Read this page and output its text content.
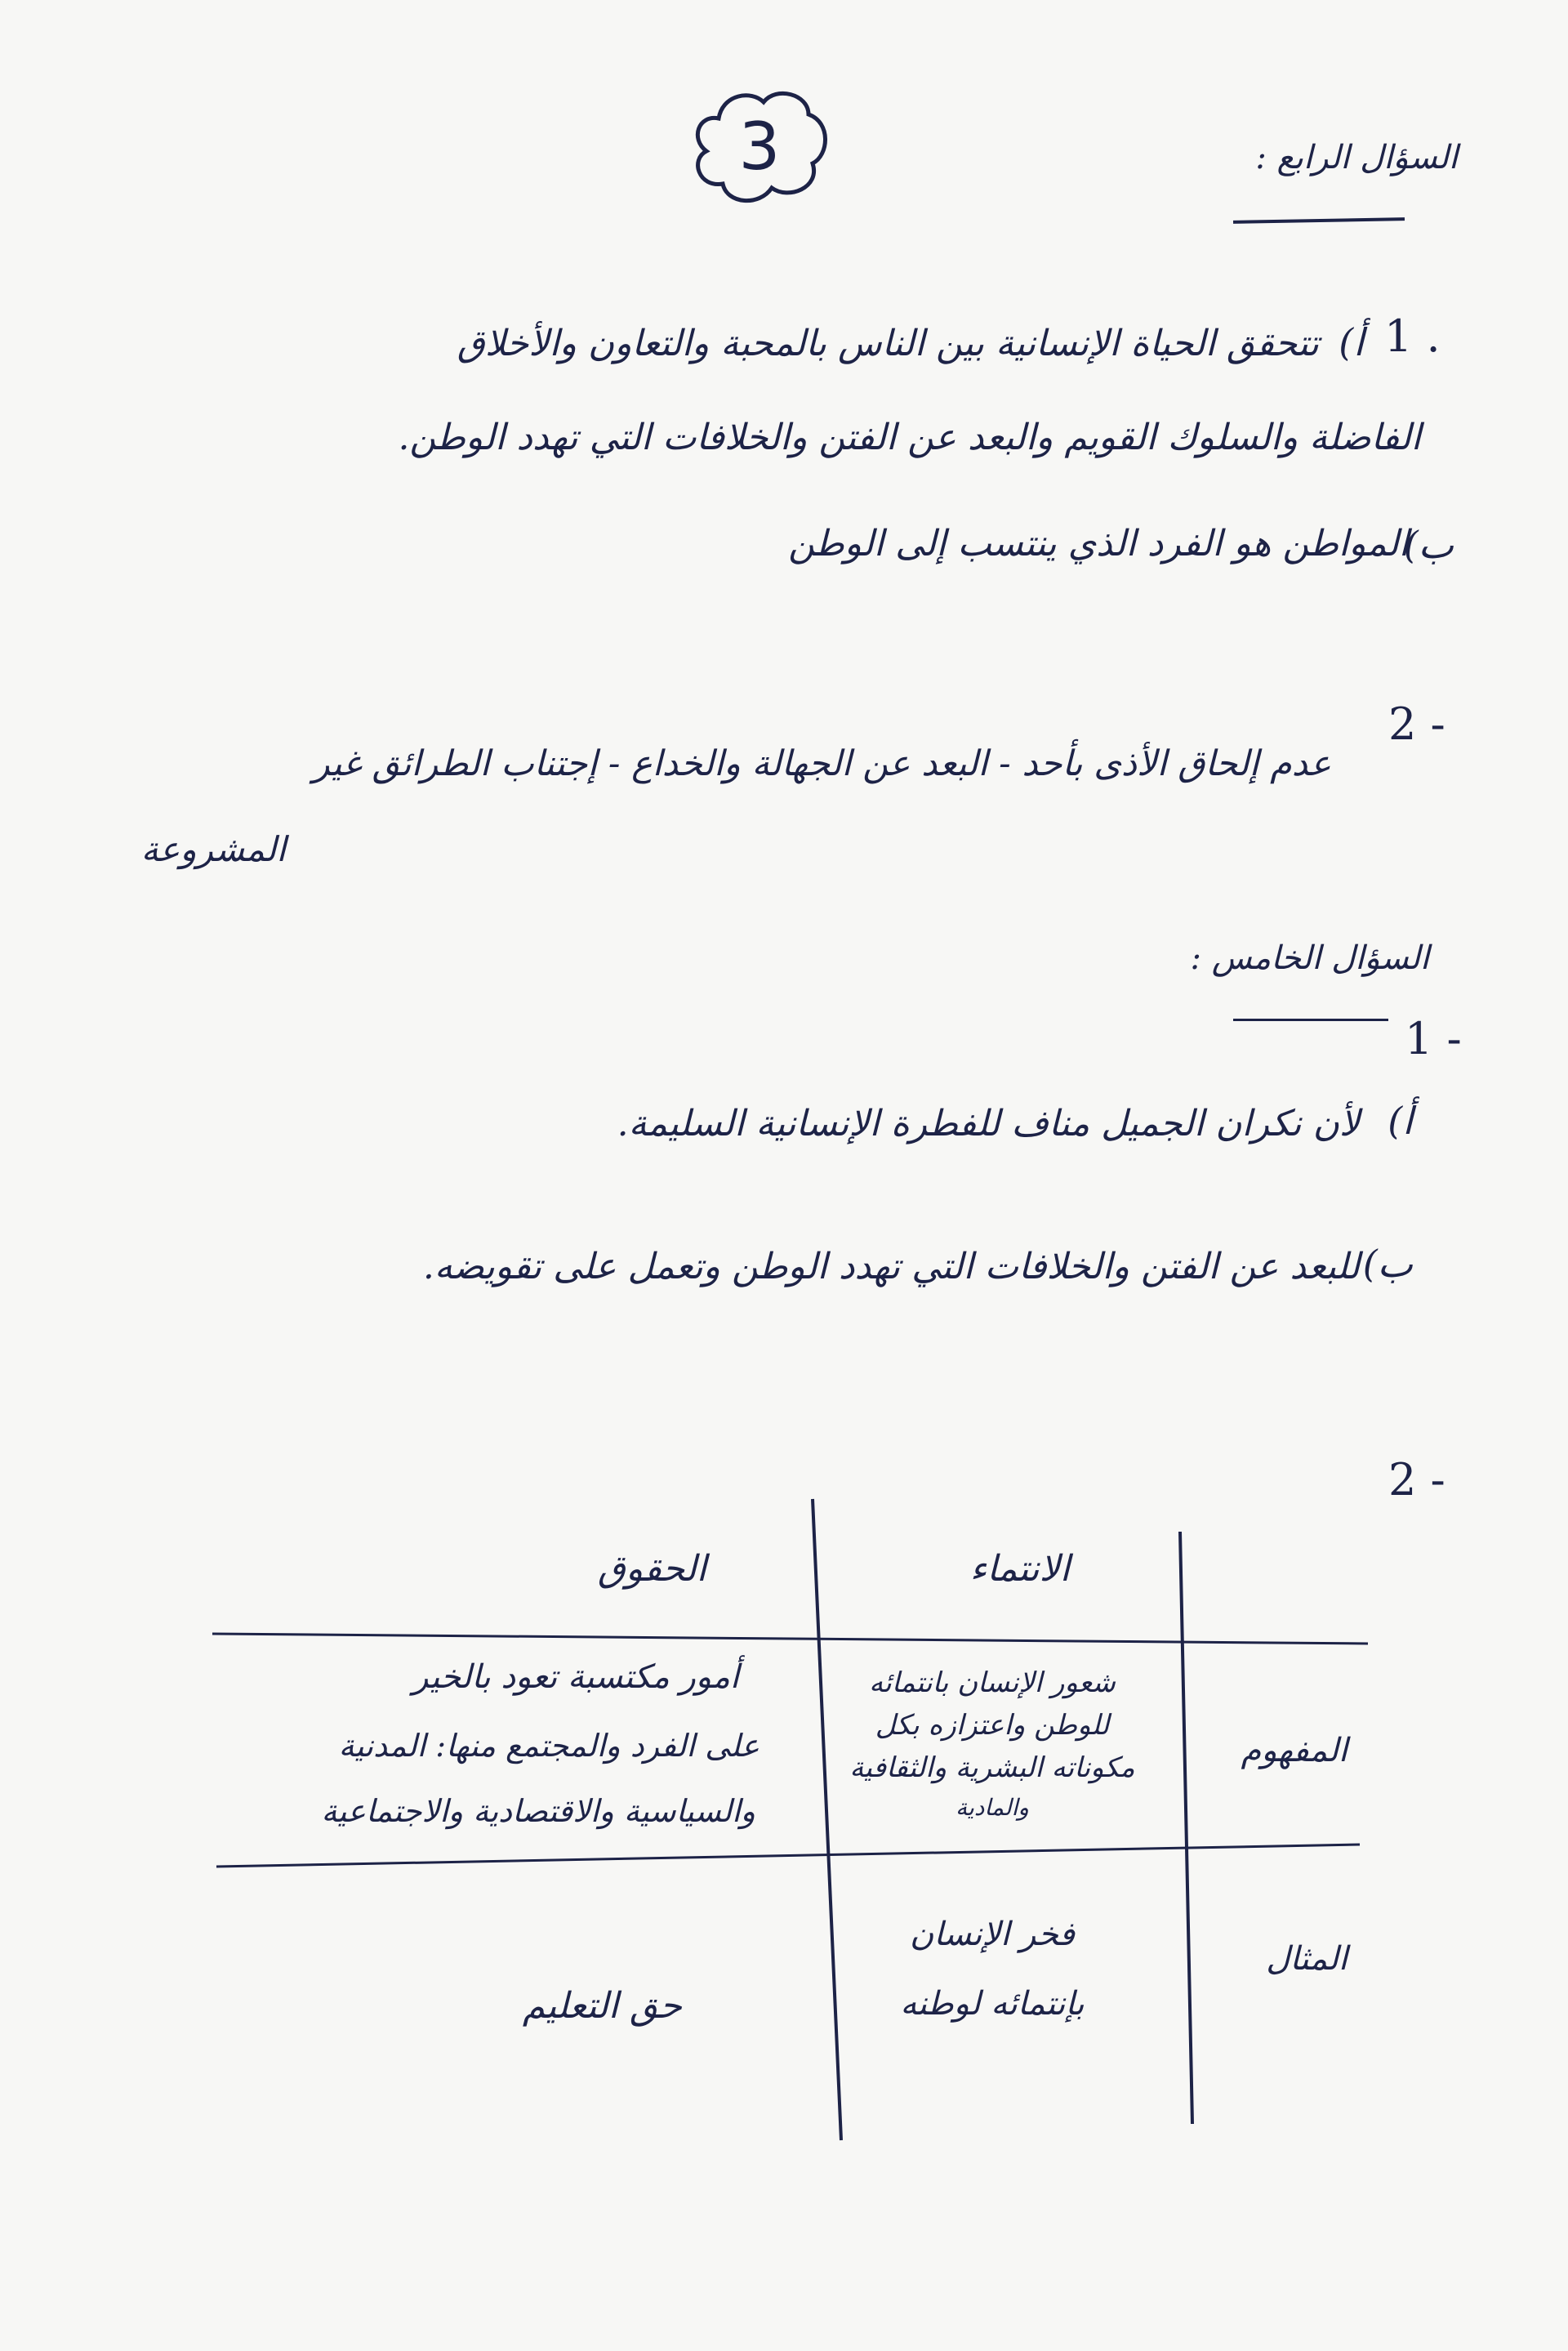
3	السؤال الرابع :
1 .
أ)
تتحقق الحياة الإنسانية بين الناس بالمحبة والتعاون والأخلاق
الفاضلة والسلوك القويم والبعد عن الفتن والخلافات التي تهدد الوطن.
ب)
المواطن هو الفرد الذي ينتسب إلى الوطن
2 -
عدم إلحاق الأذى بأحد - البعد عن الجهالة والخداع - إجتناب الطرائق غير
المشروعة
السؤال الخامس :
1 -
أ)
لأن نكران الجميل مناف للفطرة الإنسانية السليمة.
ب)
للبعد عن الفتن والخلافات التي تهدد الوطن وتعمل على تقويضه.
2 -
الانتماء
الحقوق
المفهوم
المثال
شعور الإنسان بانتمائه
للوطن واعتزازه بكل
مكوناته البشرية والثقافية
والمادية
أمور مكتسبة تعود بالخير
على الفرد والمجتمع منها: المدنية
والسياسية والاقتصادية والاجتماعية
فخر الإنسان
بإنتمائه لوطنه
حق التعليم
